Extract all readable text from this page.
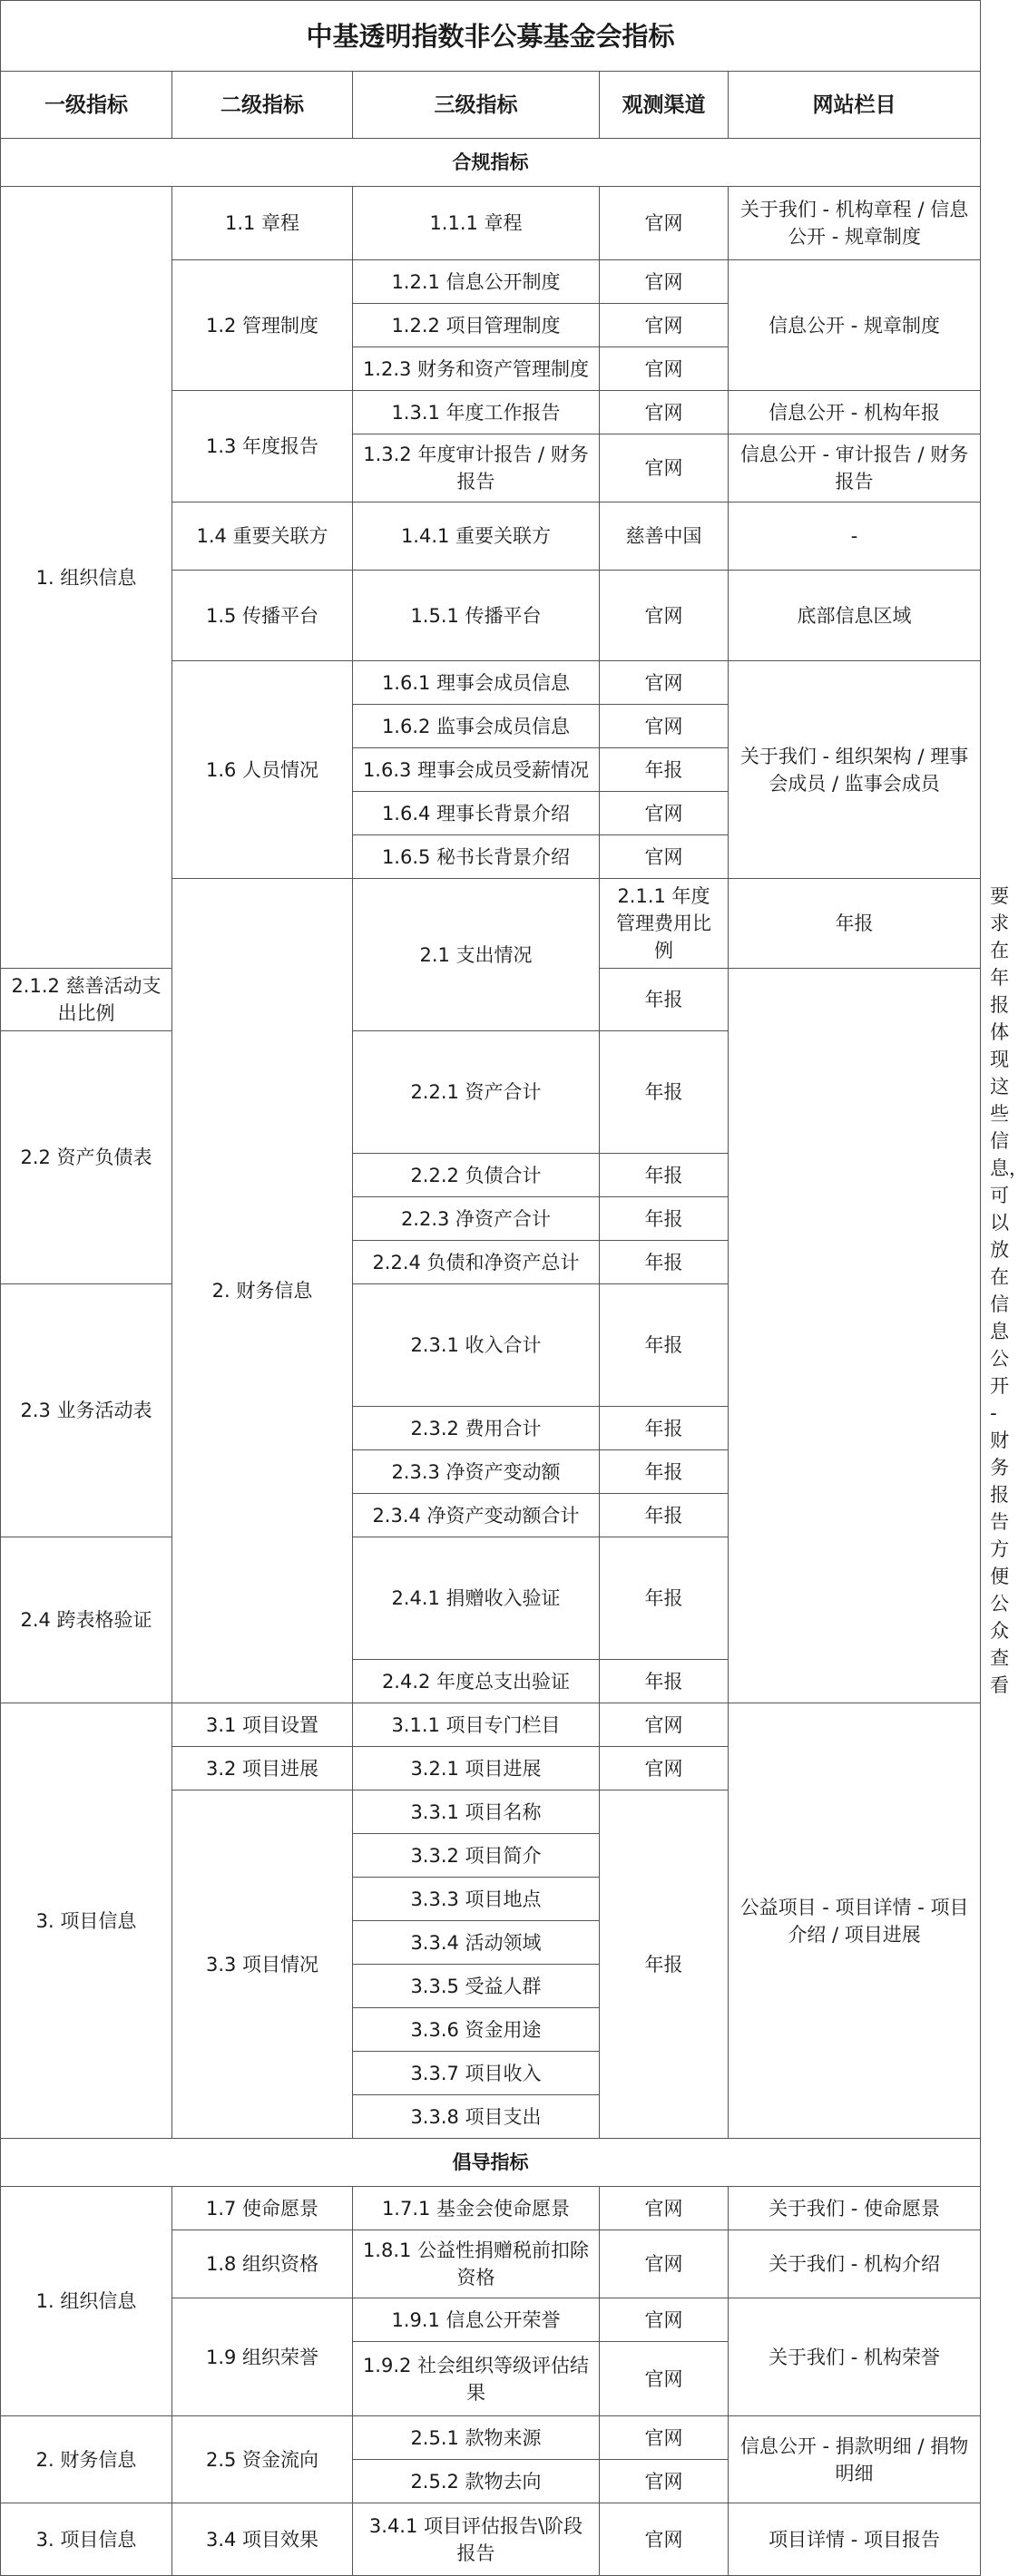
中基透明指数非公募基金会指标					
一级指标	二级指标	三级指标	观测渠道	网站栏目	
合规指标					
1. 组织信息	1.1 章程	1.1.1 章程	官网	关于我们 - 机构章程 / 信息公开 - 规章制度	
	1.2 管理制度	1.2.1 信息公开制度	官网	信息公开 - 规章制度	
		1.2.2 项目管理制度	官网		
		1.2.3 财务和资产管理制度	官网		
	1.3 年度报告	1.3.1 年度工作报告	官网	信息公开 - 机构年报	
		1.3.2 年度审计报告 / 财务报告	官网	信息公开 - 审计报告 / 财务报告	
	1.4 重要关联方	1.4.1 重要关联方	慈善中国	-	
	1.5 传播平台	1.5.1 传播平台	官网	底部信息区域	
	1.6 人员情况	1.6.1 理事会成员信息	官网	关于我们 - 组织架构 / 理事会成员 / 监事会成员	
		1.6.2 监事会成员信息	官网		
		1.6.3 理事会成员受薪情况	年报		
		1.6.4 理事长背景介绍	官网		
		1.6.5 秘书长背景介绍	官网		
	2. 财务信息	2.1 支出情况	2.1.1 年度管理费用比例	年报	要求在年报体现这些信息，可以放在信息公开 - 财务报告方便公众查看
2.1.2 慈善活动支出比例			年报		
2.2 资产负债表		2.2.1 资产合计	年报		
		2.2.2 负债合计	年报		
		2.2.3 净资产合计	年报		
		2.2.4 负债和净资产总计	年报		
2.3 业务活动表		2.3.1 收入合计	年报		
		2.3.2 费用合计	年报		
		2.3.3 净资产变动额	年报		
		2.3.4 净资产变动额合计	年报		
2.4 跨表格验证		2.4.1 捐赠收入验证	年报		
		2.4.2 年度总支出验证	年报		
3. 项目信息	3.1 项目设置	3.1.1 项目专门栏目	官网	公益项目 - 项目详情 - 项目介绍 / 项目进展	
	3.2 项目进展	3.2.1 项目进展	官网		
	3.3 项目情况	3.3.1 项目名称	年报		
		3.3.2 项目简介			
		3.3.3 项目地点			
		3.3.4 活动领域			
		3.3.5 受益人群			
		3.3.6 资金用途			
		3.3.7 项目收入			
		3.3.8 项目支出			
倡导指标					
1. 组织信息	1.7 使命愿景	1.7.1 基金会使命愿景	官网	关于我们 - 使命愿景	
	1.8 组织资格	1.8.1 公益性捐赠税前扣除资格	官网	关于我们 - 机构介绍	
	1.9 组织荣誉	1.9.1 信息公开荣誉	官网	关于我们 - 机构荣誉	
		1.9.2 社会组织等级评估结果	官网		
2. 财务信息	2.5 资金流向	2.5.1 款物来源	官网	信息公开 - 捐款明细 / 捐物明细	
		2.5.2 款物去向	官网		
3. 项目信息	3.4 项目效果	3.4.1 项目评估报告\阶段报告	官网	项目详情 - 项目报告	
